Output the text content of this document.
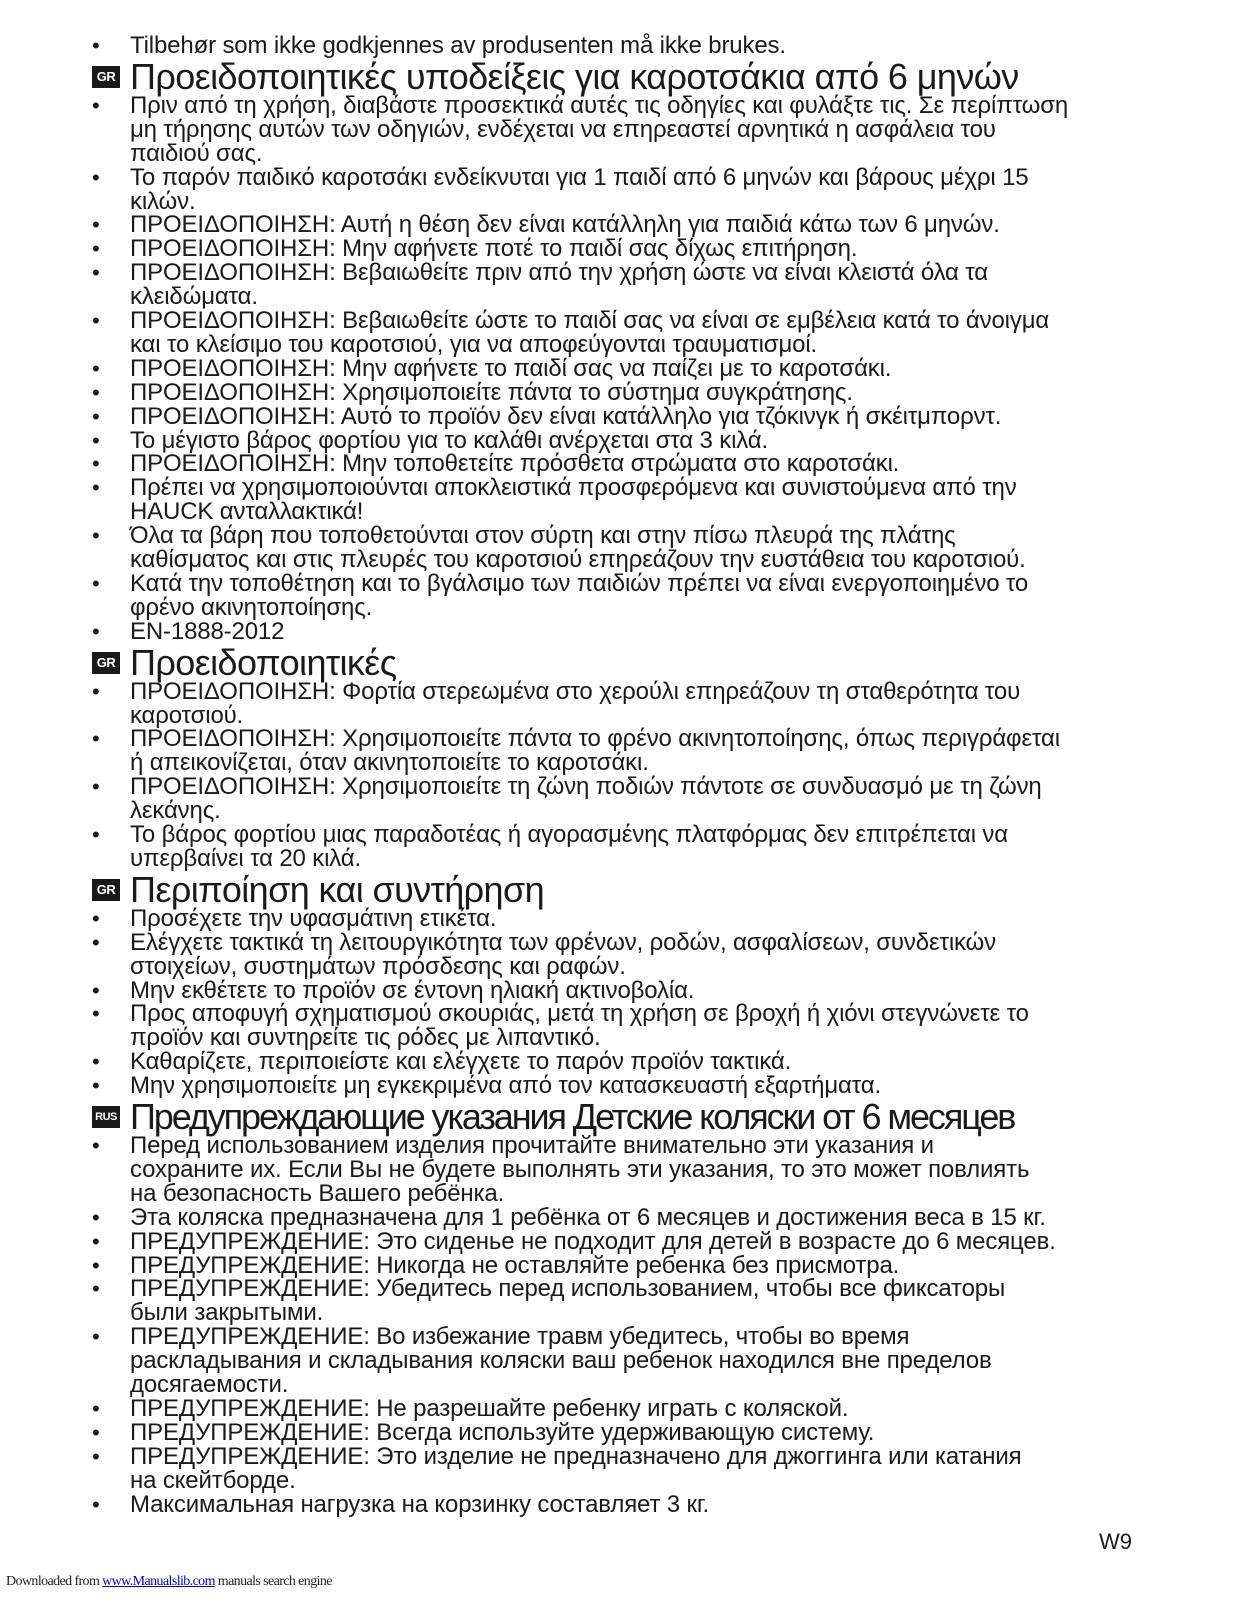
• Tilbehør som ikke godkjennes av produsenten må ikke brukes.
GR Προειδοποιητικές υποδείξεις για καροτσάκια από 6 μηνών
• Πριν από τη χρήση, διαβάστε προσεκτικά αυτές τις οδηγίες και φυλάξτε τις. Σε περίπτωση
μη τήρησης αυτών των οδηγιών, ενδέχεται να επηρεαστεί αρνητικά η ασφάλεια του
παιδιού σας.
• Το παρόν παιδικό καροτσάκι ενδείκνυται για 1 παιδί από 6 μηνών και βάρους μέχρι 15
κιλών.
• ΠΡΟΕΙΔΟΠΟΙΗΣΗ: Αυτή η θέση δεν είναι κατάλληλη για παιδιά κάτω των 6 μηνών.
• ΠΡΟΕΙΔΟΠΟΙΗΣΗ: Μην αφήνετε ποτέ το παιδί σας δίχως επιτήρηση.
• ΠΡΟΕΙΔΟΠΟΙΗΣΗ: Βεβαιωθείτε πριν από την χρήση ώστε να είναι κλειστά όλα τα
κλειδώματα.
• ΠΡΟΕΙΔΟΠΟΙΗΣΗ: Βεβαιωθείτε ώστε το παιδί σας να είναι σε εμβέλεια κατά το άνοιγμα
και το κλείσιμο του καροτσιού, για να αποφεύγονται τραυματισμοί.
• ΠΡΟΕΙΔΟΠΟΙΗΣΗ: Μην αφήνετε το παιδί σας να παίζει με το καροτσάκι.
• ΠΡΟΕΙΔΟΠΟΙΗΣΗ: Χρησιμοποιείτε πάντα το σύστημα συγκράτησης.
• ΠΡΟΕΙΔΟΠΟΙΗΣΗ: Αυτό το προϊόν δεν είναι κατάλληλο για τζόκινγκ ή σκέιτμπορντ.
• Το μέγιστο βάρος φορτίου για το καλάθι ανέρχεται στα 3 κιλά.
• ΠΡΟΕΙΔΟΠΟΙΗΣΗ: Μην τοποθετείτε πρόσθετα στρώματα στο καροτσάκι.
• Πρέπει να χρησιμοποιούνται αποκλειστικά προσφερόμενα και συνιστούμενα από την
HAUCK ανταλλακτικά!
• Όλα τα βάρη που τοποθετούνται στον σύρτη και στην πίσω πλευρά της πλάτης
καθίσματος και στις πλευρές του καροτσιού επηρεάζουν την ευστάθεια του καροτσιού.
• Κατά την τοποθέτηση και το βγάλσιμο των παιδιών πρέπει να είναι ενεργοποιημένο το
φρένο ακινητοποίησης.
• EN-1888-2012
GR Προειδοποιητικές
• ΠΡΟΕΙΔΟΠΟΙΗΣΗ: Φορτία στερεωμένα στο χερούλι επηρεάζουν τη σταθερότητα του
καροτσιού.
• ΠΡΟΕΙΔΟΠΟΙΗΣΗ: Χρησιμοποιείτε πάντα το φρένο ακινητοποίησης, όπως περιγράφεται
ή απεικονίζεται, όταν ακινητοποιείτε το καροτσάκι.
• ΠΡΟΕΙΔΟΠΟΙΗΣΗ: Χρησιμοποιείτε τη ζώνη ποδιών πάντοτε σε συνδυασμό με τη ζώνη
λεκάνης.
• Το βάρος φορτίου μιας παραδοτέας ή αγορασμένης πλατφόρμας δεν επιτρέπεται να
υπερβαίνει τα 20 κιλά.
GR Περιποίηση και συντήρηση
• Προσέχετε την υφασμάτινη ετικέτα.
• Ελέγχετε τακτικά τη λειτουργικότητα των φρένων, ροδών, ασφαλίσεων, συνδετικών
στοιχείων, συστημάτων πρόσδεσης και ραφών.
• Μην εκθέτετε το προϊόν σε έντονη ηλιακή ακτινοβολία.
• Προς αποφυγή σχηματισμού σκουριάς, μετά τη χρήση σε βροχή ή χιόνι στεγνώνετε το
προϊόν και συντηρείτε τις ρόδες με λιπαντικό.
• Καθαρίζετε, περιποιείστε και ελέγχετε το παρόν προϊόν τακτικά.
• Μην χρησιμοποιείτε μη εγκεκριμένα από τον κατασκευαστή εξαρτήματα.
RUS Предупреждающие указания Детские коляски от 6 месяцев
• Перед использованием изделия прочитайте внимательно эти указания и
сохраните их. Если Вы не будете выполнять эти указания, то это может повлиять
на безопасность Вашего ребёнка.
• Эта коляска предназначена для 1 ребёнка от 6 месяцев и достижения веса в 15 кг.
• ПРЕДУПРЕЖДЕНИЕ: Это сиденье не подходит для детей в возрасте до 6 месяцев.
• ПРЕДУПРЕЖДЕНИЕ: Никогда не оставляйте ребенка без присмотра.
• ПРЕДУПРЕЖДЕНИЕ: Убедитесь перед использованием, чтобы все фиксаторы
были закрытыми.
• ПРЕДУПРЕЖДЕНИЕ: Во избежание травм убедитесь, чтобы во время
раскладывания и складывания коляски ваш ребенок находился вне пределов
досягаемости.
• ПРЕДУПРЕЖДЕНИЕ: Не разрешайте ребенку играть с коляской.
• ПРЕДУПРЕЖДЕНИЕ: Всегда используйте удерживающую систему.
• ПРЕДУПРЕЖДЕНИЕ: Это изделие не предназначено для джоггинга или катания
на скейтборде.
• Максимальная нагрузка на корзинку составляет 3 кг.
W9
Downloaded from www.Manualslib.com manuals search engine
